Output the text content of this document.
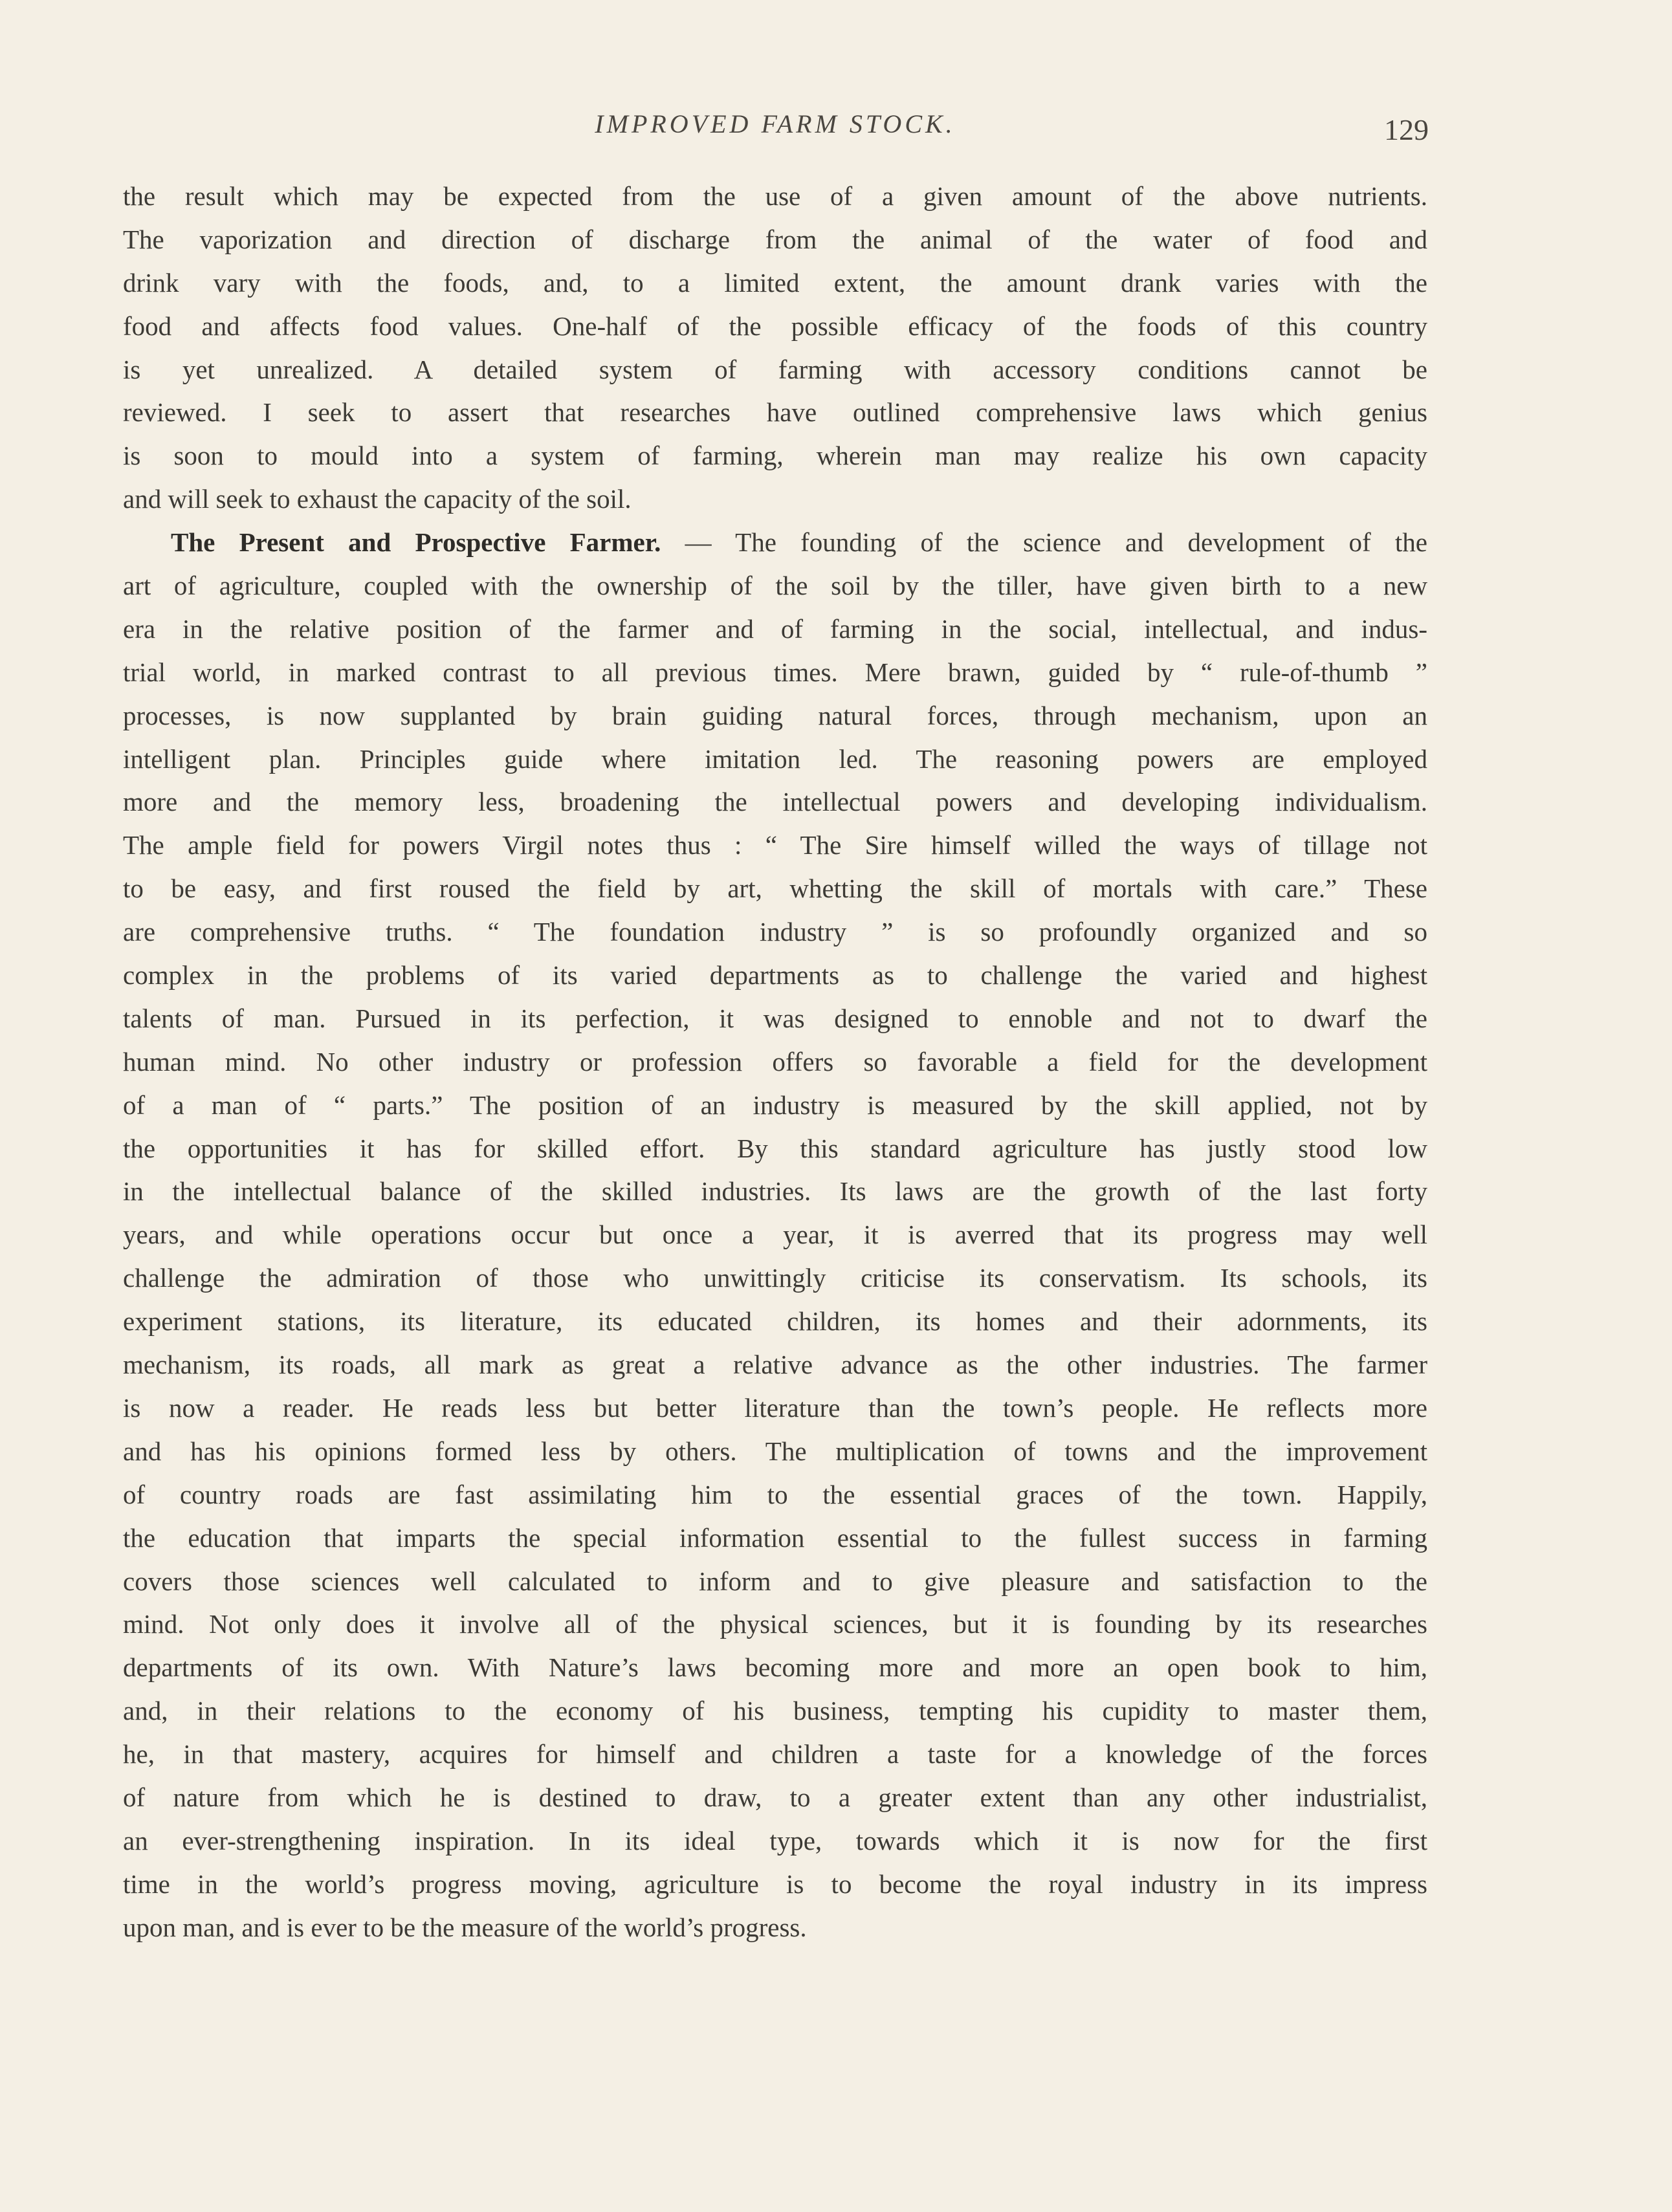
IMPROVED FARM STOCK.	129
the result which may be expected from the use of a given amount of the above nutrients.
The vaporization and direction of discharge from the animal of the water of food and
drink vary with the foods, and, to a limited extent, the amount drank varies with the
food and affects food values. One-half of the possible efficacy of the foods of this country
is yet unrealized. A detailed system of farming with accessory conditions cannot be
reviewed. I seek to assert that researches have outlined comprehensive laws which genius
is soon to mould into a system of farming, wherein man may realize his own capacity
and will seek to exhaust the capacity of the soil.
The Present and Prospective Farmer. — The founding of the science and development of the
art of agriculture, coupled with the ownership of the soil by the tiller, have given birth to a new
era in the relative position of the farmer and of farming in the social, intellectual, and indus-
trial world, in marked contrast to all previous times. Mere brawn, guided by “ rule-of-thumb ”
processes, is now supplanted by brain guiding natural forces, through mechanism, upon an
intelligent plan. Principles guide where imitation led. The reasoning powers are employed
more and the memory less, broadening the intellectual powers and developing individualism.
The ample field for powers Virgil notes thus : “ The Sire himself willed the ways of tillage not
to be easy, and first roused the field by art, whetting the skill of mortals with care.” These
are comprehensive truths. “ The foundation industry ” is so profoundly organized and so
complex in the problems of its varied departments as to challenge the varied and highest
talents of man. Pursued in its perfection, it was designed to ennoble and not to dwarf the
human mind. No other industry or profession offers so favorable a field for the development
of a man of “ parts.” The position of an industry is measured by the skill applied, not by
the opportunities it has for skilled effort. By this standard agriculture has justly stood low
in the intellectual balance of the skilled industries. Its laws are the growth of the last forty
years, and while operations occur but once a year, it is averred that its progress may well
challenge the admiration of those who unwittingly criticise its conservatism. Its schools, its
experiment stations, its literature, its educated children, its homes and their adornments, its
mechanism, its roads, all mark as great a relative advance as the other industries. The farmer
is now a reader. He reads less but better literature than the town’s people. He reflects more
and has his opinions formed less by others. The multiplication of towns and the improvement
of country roads are fast assimilating him to the essential graces of the town. Happily,
the education that imparts the special information essential to the fullest success in farming
covers those sciences well calculated to inform and to give pleasure and satisfaction to the
mind. Not only does it involve all of the physical sciences, but it is founding by its researches
departments of its own. With Nature’s laws becoming more and more an open book to him,
and, in their relations to the economy of his business, tempting his cupidity to master them,
he, in that mastery, acquires for himself and children a taste for a knowledge of the forces
of nature from which he is destined to draw, to a greater extent than any other industrialist,
an ever-strengthening inspiration. In its ideal type, towards which it is now for the first
time in the world’s progress moving, agriculture is to become the royal industry in its impress
upon man, and is ever to be the measure of the world’s progress.
